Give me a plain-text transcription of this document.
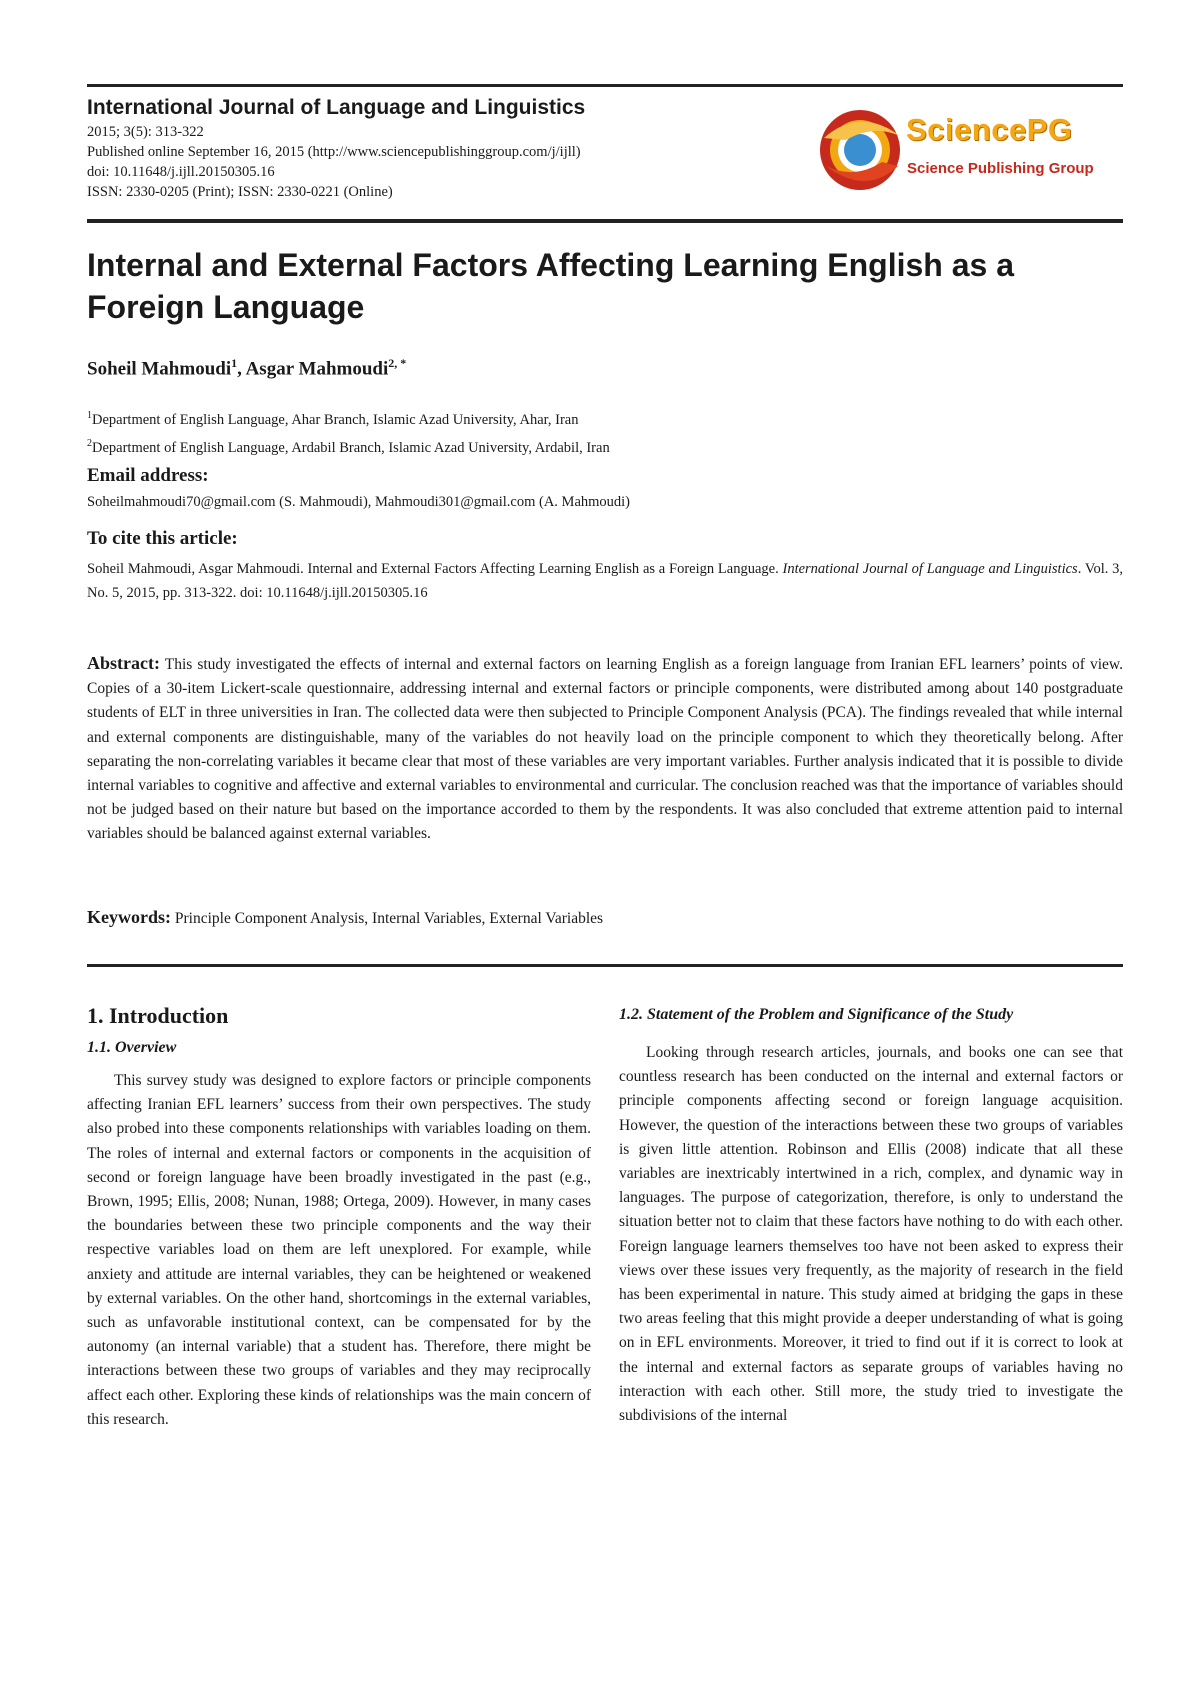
International Journal of Language and Linguistics
2015; 3(5): 313-322
Published online September 16, 2015 (http://www.sciencepublishinggroup.com/j/ijll)
doi: 10.11648/j.ijll.20150305.16
ISSN: 2330-0205 (Print); ISSN: 2330-0221 (Online)
SciencePG
Science Publishing Group
Internal and External Factors Affecting Learning English as a Foreign Language
Soheil Mahmoudi$^1$, Asgar Mahmoudi$^{2, *}$
$^1$Department of English Language, Ahar Branch, Islamic Azad University, Ahar, Iran
$^2$Department of English Language, Ardabil Branch, Islamic Azad University, Ardabil, Iran
Email address:
Soheilmahmoudi70@gmail.com (S. Mahmoudi), Mahmoudi301@gmail.com (A. Mahmoudi)
To cite this article:
Soheil Mahmoudi, Asgar Mahmoudi. Internal and External Factors Affecting Learning English as a Foreign Language. International Journal of Language and Linguistics. Vol. 3, No. 5, 2015, pp. 313-322. doi: 10.11648/j.ijll.20150305.16
Abstract: This study investigated the effects of internal and external factors on learning English as a foreign language from Iranian EFL learners’ points of view. Copies of a 30-item Lickert-scale questionnaire, addressing internal and external factors or principle components, were distributed among about 140 postgraduate students of ELT in three universities in Iran. The collected data were then subjected to Principle Component Analysis (PCA). The findings revealed that while internal and external components are distinguishable, many of the variables do not heavily load on the principle component to which they theoretically belong. After separating the non-correlating variables it became clear that most of these variables are very important variables. Further analysis indicated that it is possible to divide internal variables to cognitive and affective and external variables to environmental and curricular. The conclusion reached was that the importance of variables should not be judged based on their nature but based on the importance accorded to them by the respondents. It was also concluded that extreme attention paid to internal variables should be balanced against external variables.
Keywords: Principle Component Analysis, Internal Variables, External Variables
1. Introduction
1.1. Overview

This survey study was designed to explore factors or principle components affecting Iranian EFL learners’ success from their own perspectives. The study also probed into these components relationships with variables loading on them. The roles of internal and external factors or components in the acquisition of second or foreign language have been broadly investigated in the past (e.g., Brown, 1995; Ellis, 2008; Nunan, 1988; Ortega, 2009). However, in many cases the boundaries between these two principle components and the way their respective variables load on them are left unexplored. For example, while anxiety and attitude are internal variables, they can be heightened or weakened by external variables. On the other hand, shortcomings in the external variables, such as unfavorable institutional context, can be compensated for by the autonomy (an internal variable) that a student has. Therefore, there might be interactions between these two groups of variables and they may reciprocally affect each other. Exploring these kinds of relationships was the main concern of this research.

1.2. Statement of the Problem and Significance of the Study

Looking through research articles, journals, and books one can see that countless research has been conducted on the internal and external factors or principle components affecting second or foreign language acquisition. However, the question of the interactions between these two groups of variables is given little attention. Robinson and Ellis (2008) indicate that all these variables are inextricably intertwined in a rich, complex, and dynamic way in languages. The purpose of categorization, therefore, is only to understand the situation better not to claim that these factors have nothing to do with each other. Foreign language learners themselves too have not been asked to express their views over these issues very frequently, as the majority of research in the field has been experimental in nature. This study aimed at bridging the gaps in these two areas feeling that this might provide a deeper understanding of what is going on in EFL environments. Moreover, it tried to find out if it is correct to look at the internal and external factors as separate groups of variables having no interaction with each other. Still more, the study tried to investigate the subdivisions of the internal
